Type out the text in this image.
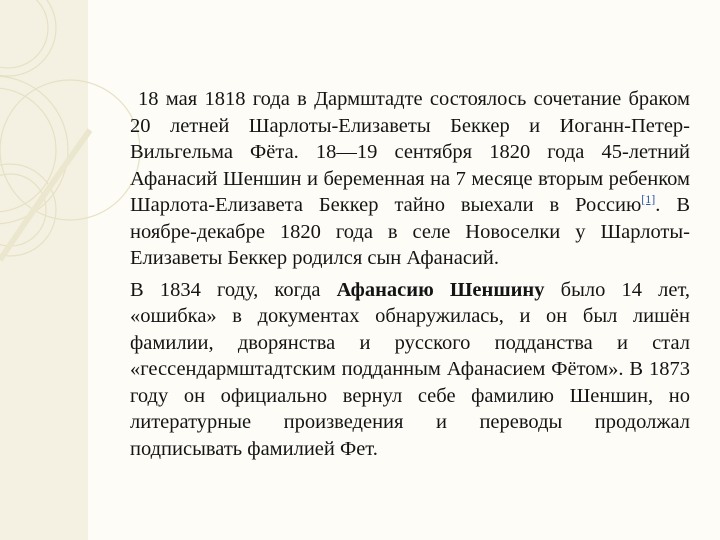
18 мая 1818 года в Дармштадте состоялось сочетание браком 20 летней Шарлоты-Елизаветы Беккер и Иоганн-Петер-Вильгельма Фёта. 18—19 сентября 1820 года 45-летний Афанасий Шеншин и беременная на 7 месяце вторым ребенком Шарлота-Елизавета Беккер тайно выехали в Россию[1]. В ноябре-декабре 1820 года в селе Новоселки у Шарлоты-Елизаветы Беккер родился сын Афанасий.

В 1834 году, когда Афанасию Шеншину было 14 лет, «ошибка» в документах обнаружилась, и он был лишён фамилии, дворянства и русского подданства и стал «гессендармштадтским подданным Афанасием Фётом». В 1873 году он официально вернул себе фамилию Шеншин, но литературные произведения и переводы продолжал подписывать фамилией Фет.
